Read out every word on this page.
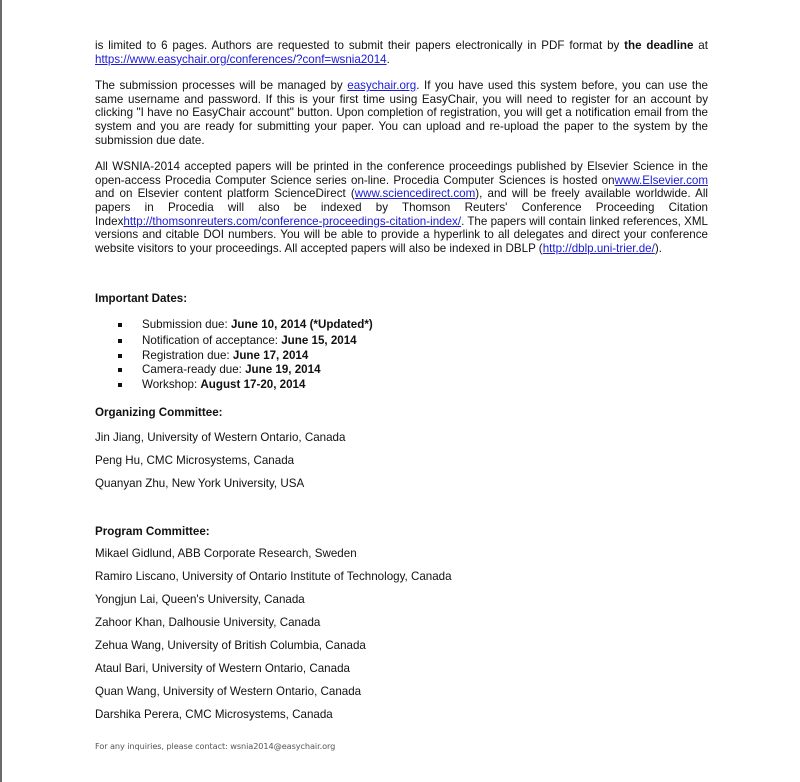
is limited to 6 pages. Authors are requested to submit their papers electronically in PDF format by the deadline at https://www.easychair.org/conferences/?conf=wsnia2014.

The submission processes will be managed by easychair.org. If you have used this system before, you can use the same username and password. If this is your first time using EasyChair, you will need to register for an account by clicking "I have no EasyChair account" button. Upon completion of registration, you will get a notification email from the system and you are ready for submitting your paper. You can upload and re-upload the paper to the system by the submission due date.

All WSNIA-2014 accepted papers will be printed in the conference proceedings published by Elsevier Science in the open-access Procedia Computer Science series on-line. Procedia Computer Sciences is hosted onwww.Elsevier.com and on Elsevier content platform ScienceDirect (www.sciencedirect.com), and will be freely available worldwide. All papers in Procedia will also be indexed by Thomson Reuters' Conference Proceeding Citation Indexhttp://thomsonreuters.com/conference-proceedings-citation-index/. The papers will contain linked references, XML versions and citable DOI numbers. You will be able to provide a hyperlink to all delegates and direct your conference website visitors to your proceedings. All accepted papers will also be indexed in DBLP (http://dblp.uni-trier.de/).

Important Dates:
Submission due: June 10, 2014 (*Updated*)
Notification of acceptance: June 15, 2014
Registration due: June 17, 2014
Camera-ready due: June 19, 2014
Workshop: August 17-20, 2014
Organizing Committee:

Jin Jiang, University of Western Ontario, Canada

Peng Hu, CMC Microsystems, Canada

Quanyan Zhu, New York University, USA

Program Committee:

Mikael Gidlund, ABB Corporate Research, Sweden

Ramiro Liscano, University of Ontario Institute of Technology, Canada

Yongjun Lai, Queen's University, Canada

Zahoor Khan, Dalhousie University, Canada

Zehua Wang, University of British Columbia, Canada

Ataul Bari, University of Western Ontario, Canada

Quan Wang, University of Western Ontario, Canada

Darshika Perera, CMC Microsystems, Canada

For any inquiries, please contact: wsnia2014@easychair.org
